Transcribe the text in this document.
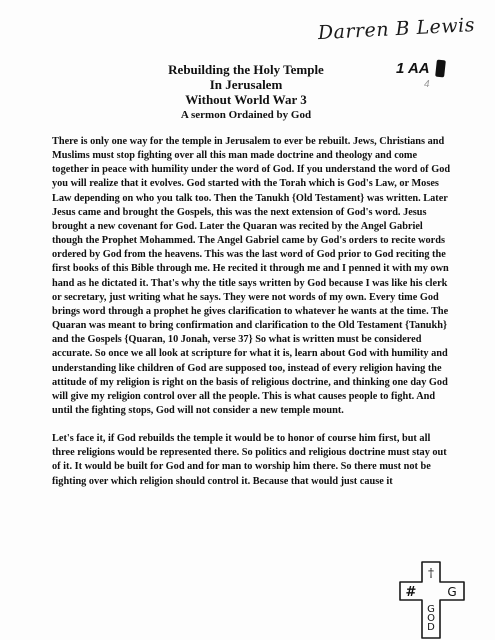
Darren B Lewis
1 AA
4
Rebuilding the Holy Temple
In Jerusalem
Without World War 3
A sermon Ordained by God

There is only one way for the temple in Jerusalem to ever be rebuilt. Jews, Christians and Muslims must stop fighting over all this man made doctrine and theology and come together in peace with humility under the word of God. If you understand the word of God you will realize that it evolves. God started with the Torah which is God's Law, or Moses Law depending on who you talk too. Then the Tanukh {Old Testament} was written. Later Jesus came and brought the Gospels, this was the next extension of God's word. Jesus brought a new covenant for God. Later the Quaran was recited by the Angel Gabriel though the Prophet Mohammed. The Angel Gabriel came by God's orders to recite words ordered by God from the heavens. This was the last word of God prior to God reciting the first books of this Bible through me. He recited it through me and I penned it with my own hand as he dictated it. That's why the title says written by God because I was like his clerk or secretary, just writing what he says. They were not words of my own. Every time God brings word through a prophet he gives clarification to whatever he wants at the time. The Quaran was meant to bring confirmation and clarification to the Old Testament {Tanukh} and the Gospels {Quaran, 10 Jonah, verse 37} So what is written must be considered accurate. So once we all look at scripture for what it is, learn about God with humility and understanding like children of God are supposed too, instead of every religion having the attitude of my religion is right on the basis of religious doctrine, and thinking one day God will give my religion control over all the people. This is what causes people to fight. And until the fighting stops, God will not consider a new temple mount.

Let's face it, if God rebuilds the temple it would be to honor of course him first, but all three religions would be represented there. So politics and religious doctrine must stay out of it. It would be built for God and for man to worship him there. So there must not be fighting over which religion should control it. Because that would just cause it

†
#	G
G O D
